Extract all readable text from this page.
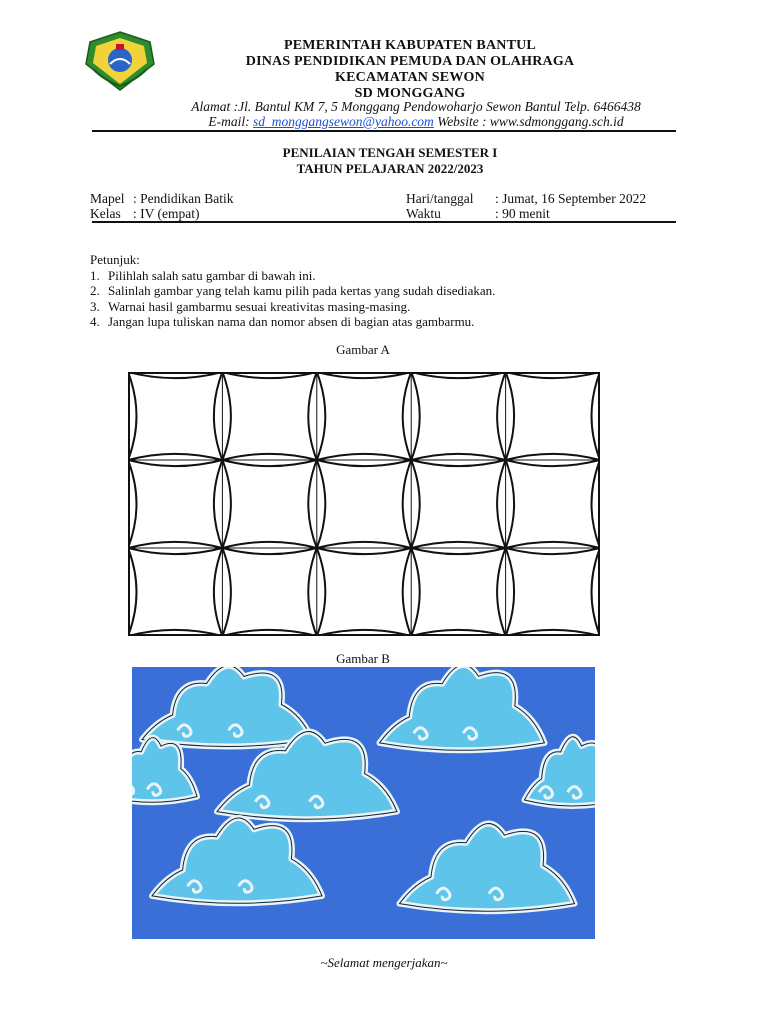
PEMERINTAH KABUPATEN BANTUL
DINAS PENDIDIKAN PEMUDA DAN OLAHRAGA
KECAMATAN SEWON
SD MONGGANG
Alamat :Jl. Bantul KM 7, 5 Monggang Pendowoharjo Sewon Bantul Telp. 6466438
E-mail: sd_monggangsewon@yahoo.com Website : www.sdmonggang.sch.id
PENILAIAN TENGAH SEMESTER I
TAHUN PELAJARAN 2022/2023
Mapel : Pendidikan Batik
Kelas : IV (empat)
Hari/tanggal : Jumat, 16 September 2022
Waktu	: 90 menit
Petunjuk:
1. Pilihlah salah satu gambar di bawah ini.
2. Salinlah gambar yang telah kamu pilih pada kertas yang sudah disediakan.
3. Warnai hasil gambarmu sesuai kreativitas masing-masing.
4. Jangan lupa tuliskan nama dan nomor absen di bagian atas gambarmu.
Gambar A
Gambar B
~Selamat mengerjakan~
